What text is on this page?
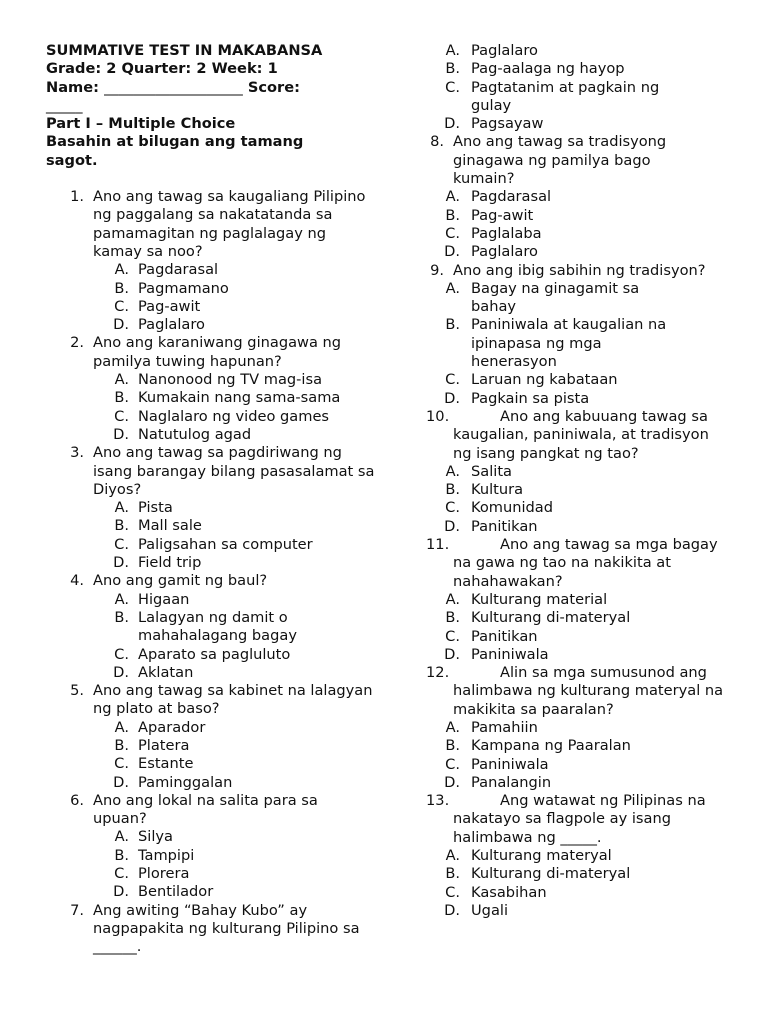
SUMMATIVE TEST IN MAKABANSA
Grade: 2 Quarter: 2 Week: 1
Name: ___________________ Score:
_____
Part I – Multiple Choice
Basahin at bilugan ang tamang sagot.
1. Ano ang tawag sa kaugaliang Pilipino ng paggalang sa nakatatanda sa pamamagitan ng paglalagay ng kamay sa noo?
A. Pagdarasal
B. Pagmamano
C. Pag-awit
D. Paglalaro
2. Ano ang karaniwang ginagawa ng pamilya tuwing hapunan?
A. Nanonood ng TV mag-isa
B. Kumakain nang sama-sama
C. Naglalaro ng video games
D. Natutulog agad
3. Ano ang tawag sa pagdiriwang ng isang barangay bilang pasasalamat sa Diyos?
A. Pista
B. Mall sale
C. Paligsahan sa computer
D. Field trip
4. Ano ang gamit ng baul?
A. Higaan
B. Lalagyan ng damit o mahahalagang bagay
C. Aparato sa pagluluto
D. Aklatan
5. Ano ang tawag sa kabinet na lalagyan ng plato at baso?
A. Aparador
B. Platera
C. Estante
D. Paminggalan
6. Ano ang lokal na salita para sa upuan?
A. Silya
B. Tampipi
C. Plorera
D. Bentilador
7. Ang awiting “Bahay Kubo” ay nagpapakita ng kulturang Pilipino sa ______.
A. Paglalaro
B. Pag-aalaga ng hayop
C. Pagtatanim at pagkain ng gulay
D. Pagsayaw
8. Ano ang tawag sa tradisyong ginagawa ng pamilya bago kumain?
A. Pagdarasal
B. Pag-awit
C. Paglalaba
D. Paglalaro
9. Ano ang ibig sabihin ng tradisyon?
A. Bagay na ginagamit sa bahay
B. Paniniwala at kaugalian na ipinapasa ng mga henerasyon
C. Laruan ng kabataan
D. Pagkain sa pista
10.	Ano ang kabuuang tawag sa kaugalian, paniniwala, at tradisyon ng isang pangkat ng tao?
A. Salita
B. Kultura
C. Komunidad
D. Panitikan
11.	Ano ang tawag sa mga bagay na gawa ng tao na nakikita at nahahawakan?
A. Kulturang material
B. Kulturang di-materyal
C. Panitikan
D. Paniniwala
12.	Alin sa mga sumusunod ang halimbawa ng kulturang materyal na makikita sa paaralan?
A. Pamahiin
B. Kampana ng Paaralan
C. Paniniwala
D. Panalangin
13.	Ang watawat ng Pilipinas na nakatayo sa flagpole ay isang halimbawa ng _____.
A. Kulturang materyal
B. Kulturang di-materyal
C. Kasabihan
D. Ugali
